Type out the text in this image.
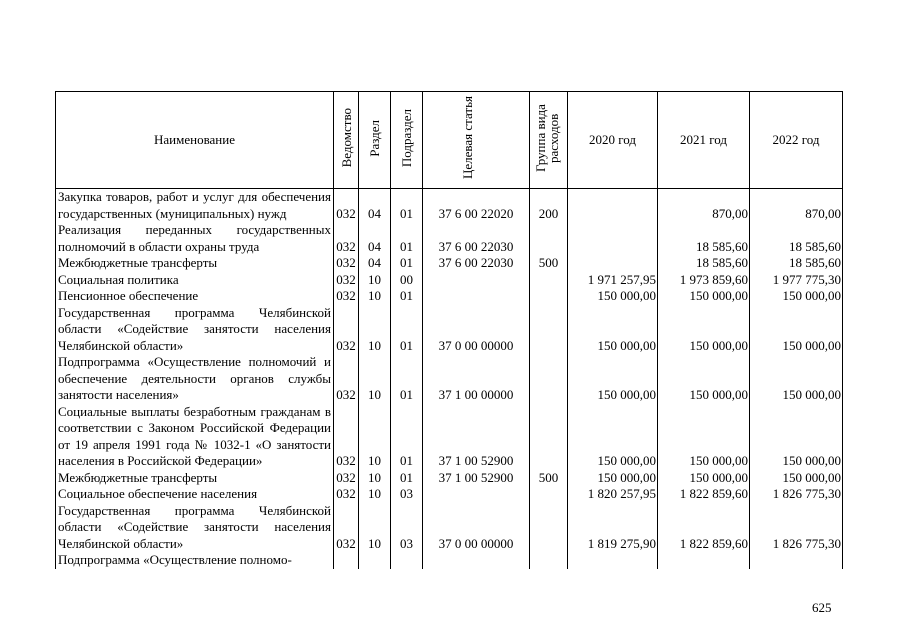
Наименование	Ведомство	Раздел	Подраздел	Целевая статья	Группа вида расходов	2020 год	2021 год	2022 год
Закупка товаров, работ и услуг для обеспечения государственных (муниципальных) нужд	032	04	01	37 6 00 22020	200		870,00	870,00
Реализация переданных государственных полномочий в области охраны труда	032	04	01	37 6 00 22030			18 585,60	18 585,60
Межбюджетные трансферты	032	04	01	37 6 00 22030	500		18 585,60	18 585,60
Социальная политика	032	10	00			1 971 257,95	1 973 859,60	1 977 775,30
Пенсионное обеспечение	032	10	01			150 000,00	150 000,00	150 000,00
Государственная программа Челябинской области «Содействие занятости населения Челябинской области»	032	10	01	37 0 00 00000		150 000,00	150 000,00	150 000,00
Подпрограмма «Осуществление полномочий и обеспечение деятельности органов службы занятости населения»	032	10	01	37 1 00 00000		150 000,00	150 000,00	150 000,00
Социальные выплаты безработным гражданам в соответствии с Законом Российской Федерации от 19 апреля 1991 года № 1032-1 «О занятости населения в Российской Федерации»	032	10	01	37 1 00 52900		150 000,00	150 000,00	150 000,00
Межбюджетные трансферты	032	10	01	37 1 00 52900	500	150 000,00	150 000,00	150 000,00
Социальное обеспечение населения	032	10	03			1 820 257,95	1 822 859,60	1 826 775,30
Государственная программа Челябинской области «Содействие занятости населения Челябинской области»	032	10	03	37 0 00 00000		1 819 275,90	1 822 859,60	1 826 775,30
Подпрограмма «Осуществление полномо-								
625
